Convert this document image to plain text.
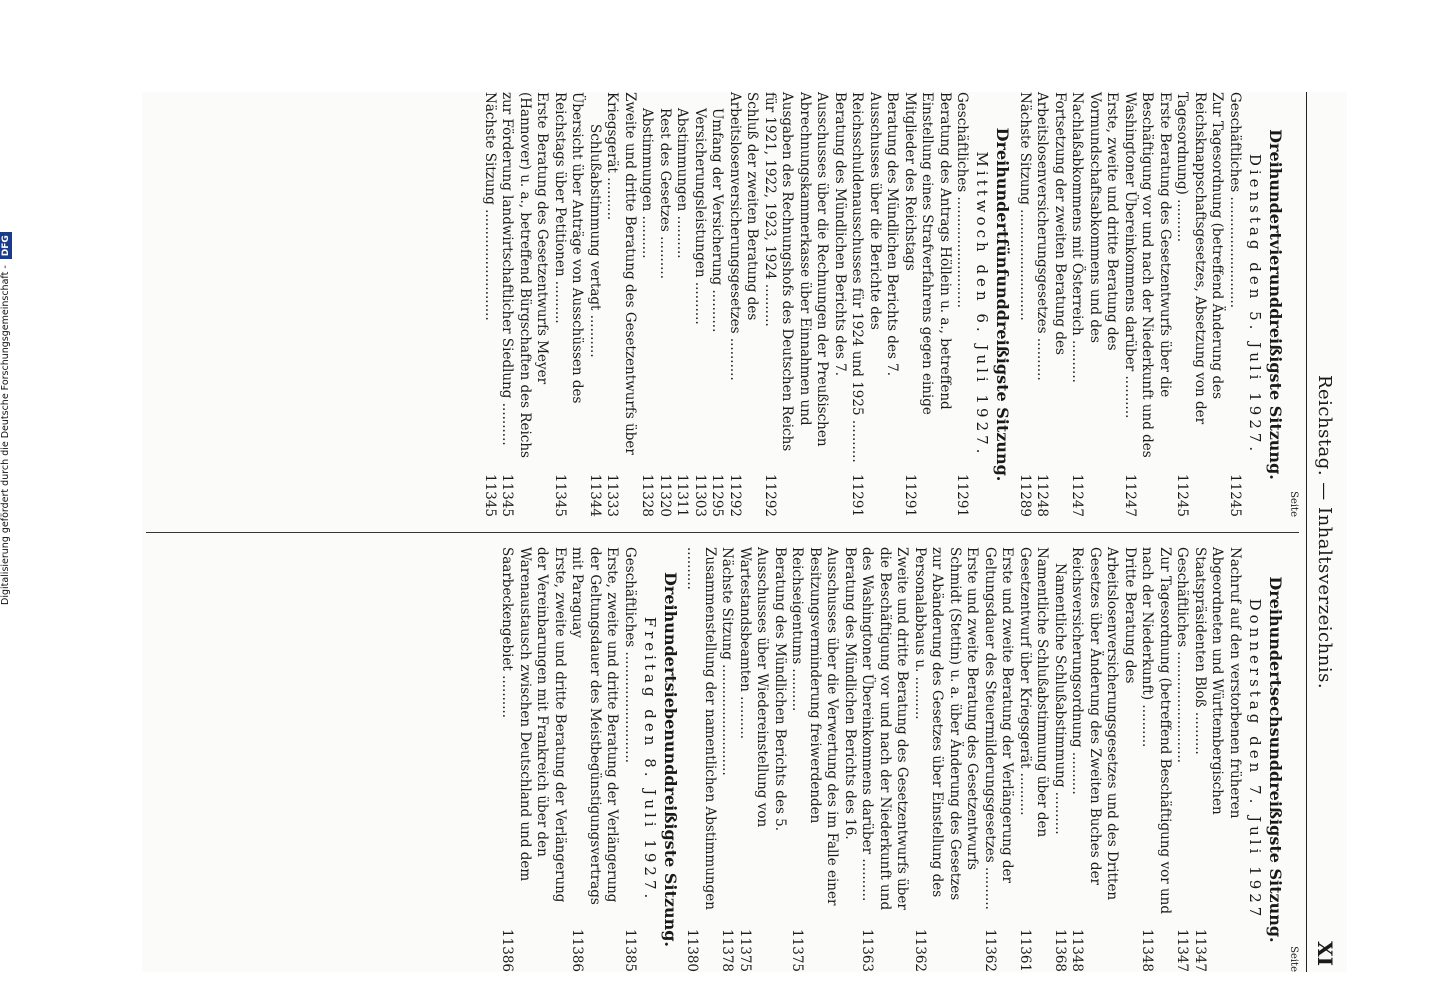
Reichstag. — Inhaltsverzeichnis.
XI
Seite
Dreihundertvierunddreißigste Sitzung.
Dienstag den 5. Juli 1927.
Geschäftliches ..........................
11245
Zur Tagesordnung (betreffend Änderung des Reichsknappschaftsgesetzes, Absetzung von der Tagesordnung) ..........
11245
Erste Beratung des Gesetzentwurfs über die Beschäftigung vor und nach der Niederkunft und des Washingtoner Übereinkommens darüber ..........
11247
Erste, zweite und dritte Beratung des Vormundschaftsabkommens und des Nachlaßabkommens mit Österreich ..........
11247
Fortsetzung der zweiten Beratung des Arbeitslosenversicherungsgesetzes ..........
11248
Nächste Sitzung ..........................
11289
Dreihundertfünfunddreißigste Sitzung.
Mittwoch den 6. Juli 1927.
Geschäftliches ..........................
11291
Beratung des Antrags Höllein u. a., betreffend Einstellung eines Strafverfahrens gegen einige Mitglieder des Reichstags
11291
Beratung des Mündlichen Berichts des 7. Ausschusses über die Berichte des Reichsschuldenausschusses für 1924 und 1925 ..........
11291
Beratung des Mündlichen Berichts des 7. Ausschusses über die Rechnungen der Preußischen Abrechnungskammerkasse über Einnahmen und Ausgaben des Rechnungshofs des Deutschen Reichs für 1921, 1922, 1923, 1924 ..........
11292
Schluß der zweiten Beratung des Arbeitslosenversicherungsgesetzes ..........
11292
Umfang der Versicherung ..........
11295
Versicherungsleistungen ..........
11303
Abstimmungen ..........
11311
Rest des Gesetzes ..........
11320
Abstimmungen ..........
11328
Zweite und dritte Beratung des Gesetzentwurfs über Kriegsgerät ..........
11333
Schlußabstimmung vertagt ..........
11344
Übersicht über Anträge von Ausschüssen des Reichstags über Petitionen ..........
11345
Erste Beratung des Gesetzentwurfs Meyer (Hannover) u. a., betreffend Bürgschaften des Reichs zur Förderung landwirtschaftlicher Siedlung ..........
11345
Nächste Sitzung ..........................
11345
Seite
Dreihundertsechsunddreißigste Sitzung.
Donnerstag den 7. Juli 1927
Nachruf auf den verstorbenen früheren Abgeordneten und Württembergischen Staatspräsidenten Bloß ..........
11347
Geschäftliches ..........................
11347
Zur Tagesordnung (betreffend Beschäftigung vor und nach der Niederkunft) ..........
11348
Dritte Beratung des Arbeitslosenversicherungsgesetzes und des Dritten Gesetzes über Änderung des Zweiten Buches der Reichsversicherungsordnung ..........
11348
Namentliche Schlußabstimmung ..........
11368
Namentliche Schlußabstimmung über den Gesetzentwurf über Kriegsgerät ..........
11361
Erste und zweite Beratung der Verlängerung der Geltungsdauer des Steuermilderungsgesetzes ..........
11362
Erste und zweite Beratung des Gesetzentwurfs Schmidt (Stettin) u. a. über Änderung des Gesetzes zur Abänderung des Gesetzes über Einstellung des Personalabbaus u. ..........
11362
Zweite und dritte Beratung des Gesetzentwurfs über die Beschäftigung vor und nach der Niederkunft und des Washingtoner Übereinkommens darüber ..........
11363
Beratung des Mündlichen Berichts des 16. Ausschusses über die Verwertung des im Falle einer Besitzungsverminderung freiwerdenden Reichseigentums ..........
11375
Beratung des Mündlichen Berichts des 5. Ausschusses über Wiedereinstellung von Wartestandsbeamten ..........
11375
Nächste Sitzung ..........................
11378
Zusammenstellung der namentlichen Abstimmungen ..........
11380
Dreihundertsiebenunddreißigste Sitzung.
Freitag den 8. Juli 1927.
Geschäftliches ..........................
11385
Erste, zweite und dritte Beratung der Verlängerung der Geltungsdauer des Meistbegünstigungsvertrags mit Paraguay
11386
Erste, zweite und dritte Beratung der Verlängerung der Vereinbarungen mit Frankreich über den Warenaustausch zwischen Deutschland und dem Saarbeckengebiet ..........
11386
Digitalisierung gefördert durch die Deutsche Forschungsgemeinschaft - DFG
